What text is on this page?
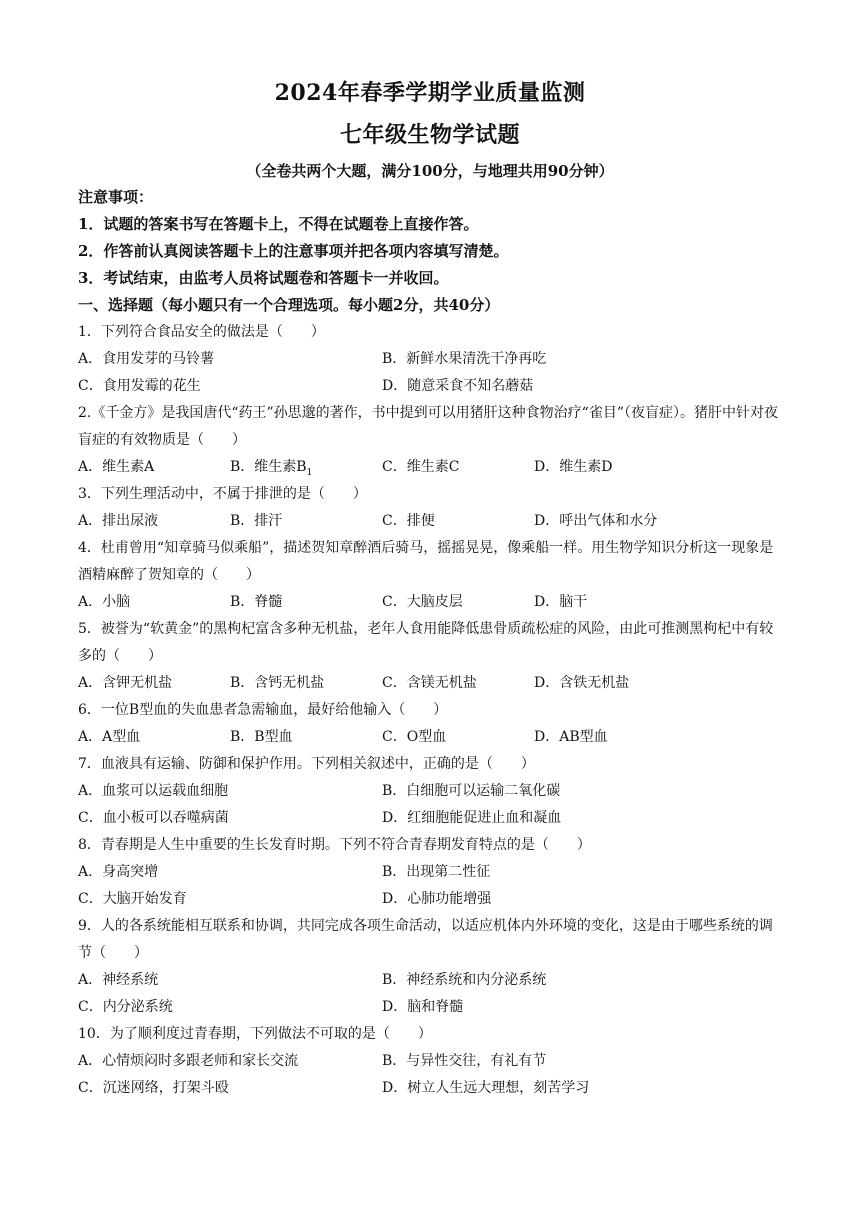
2024年春季学期学业质量监测
七年级生物学试题
（全卷共两个大题，满分100分，与地理共用90分钟）
注意事项：
1．试题的答案书写在答题卡上，不得在试题卷上直接作答。
2．作答前认真阅读答题卡上的注意事项并把各项内容填写清楚。
3．考试结束，由监考人员将试题卷和答题卡一并收回。
一、选择题（每小题只有一个合理选项。每小题2分，共40分）
1．下列符合食品安全的做法是（　　）
A．食用发芽的马铃薯	B．新鲜水果清洗干净再吃
C．食用发霉的花生	D．随意采食不知名蘑菇
2.《千金方》是我国唐代“药王”孙思邈的著作，书中提到可以用猪肝这种食物治疗“雀目”（夜盲症）。猪肝中针对夜盲症的有效物质是（　　）
A．维生素A	B．维生素$B_1$	C．维生素C	D．维生素D
3．下列生理活动中，不属于排泄的是（　　）
A．排出尿液	B．排汗	C．排便	D．呼出气体和水分
4．杜甫曾用“知章骑马似乘船”，描述贺知章醉酒后骑马，摇摇晃晃，像乘船一样。用生物学知识分析这一现象是酒精麻醉了贺知章的（　　）
A．小脑	B．脊髓	C．大脑皮层	D．脑干
5．被誉为“软黄金”的黑枸杞富含多种无机盐，老年人食用能降低患骨质疏松症的风险，由此可推测黑枸杞中有较多的（　　）
A．含钾无机盐	B．含钙无机盐	C．含镁无机盐	D．含铁无机盐
6．一位B型血的失血患者急需输血，最好给他输入（　　）
A．A型血	B．B型血	C．O型血	D．AB型血
7．血液具有运输、防御和保护作用。下列相关叙述中，正确的是（　　）
A．血浆可以运载血细胞	B．白细胞可以运输二氧化碳
C．血小板可以吞噬病菌	D．红细胞能促进止血和凝血
8．青春期是人生中重要的生长发育时期。下列不符合青春期发育特点的是（　　）
A．身高突增	B．出现第二性征
C．大脑开始发育	D．心肺功能增强
9．人的各系统能相互联系和协调，共同完成各项生命活动，以适应机体内外环境的变化，这是由于哪些系统的调节（　　）
A．神经系统	B．神经系统和内分泌系统
C．内分泌系统	D．脑和脊髓
10．为了顺利度过青春期，下列做法不可取的是（　　）
A．心情烦闷时多跟老师和家长交流	B．与异性交往，有礼有节
C．沉迷网络，打架斗殴	D．树立人生远大理想，刻苦学习
